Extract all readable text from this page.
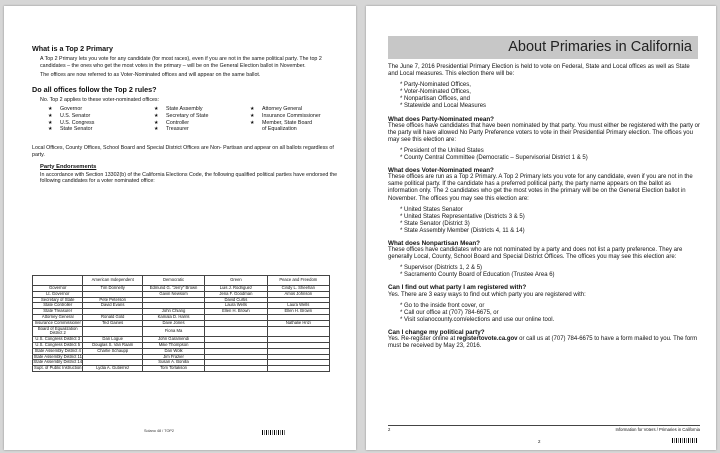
What is a Top 2 Primary
A Top 2 Primary lets you vote for any candidate (for most races), even if you are not in the same political party. The top 2 candidates – the ones who get the most votes in the primary – will be on the General Election ballot in November.
The offices are now referred to as Voter-Nominated offices and will appear on the same ballot.
Do all offices follow the Top 2 rules?
No. Top 2 applies to these voter-nominated offices:
★ Governor
★ U.S. Senator
★ U.S. Congress
★ State Senator
★ State Assembly
★ Secretary of State
★ Controller
★ Treasurer
★ Attorney General
★ Insurance Commissioner
★ Member, State Board
of Equalization
Local Offices, County Offices, School Board and Special District Offices are Non- Partisan and appear on all ballots regardless of party.
Party Endorsements
In accordance with Section 13302(b) of the California Elections Code, the following qualified political parties have endorsed the following candidates for a voter nominated office:
	American Independent	Democratic	Green	Peace and Freedom
Governor	Tim Donnelly	Edmund G. "Jerry" Brown	Luis J. Rodriguez	Cindy L. Sheehan
Lt. Governor		Gavin Newsom	Jena F. Goodman	Amos Johnson
Secretary of State	Pete Peterson		David Curtis	
State Controller	David Evans		Laura Wells	Laura Wells
State Treasurer		John Chiang	Ellen H. Brown	Ellen H. Brown
Attorney General	Ronald Gold	Kamala D. Harris		
Insurance Commissioner	Ted Gaines	Dave Jones		Nathalie Hrizi
Board of Equalization District 2		Fiona Ma		
U.S. Congress District 3	Dan Logue	John Garamendi		
U.S. Congress District 5	Douglas S. Van Raam	Mike Thompson		
State Assembly District 4	Charlie Schaupp	Dan Wolk		
State Assembly District 11		Jim Frazier		
State Assembly District 14		Susan A. Bonilla		
Supt. of Public Instruction	Lydia A. Gutiérrez	Tom Torlakson		
Solano 48 / TOP2
About Primaries in California
The June 7, 2016 Presidential Primary Election is held to vote on Federal, State and Local offices as well as State and Local measures. This election there will be:
* Party-Nominated Offices,
* Voter-Nominated Offices,
* Nonpartisan Offices, and
* Statewide and Local Measures
What does Party-Nominated mean?
These offices have candidates that have been nominated by that party. You must either be registered with the party or the party will have allowed No Party Preference voters to vote in their Presidential Primary election. The offices you may see this election are:
* President of the United States
* County Central Committee (Democratic – Supervisorial District 1 & 5)
What does Voter-Nominated mean?
These offices are run as a Top 2 Primary. A Top 2 Primary lets you vote for any candidate, even if you are not in the same political party. If the candidate has a preferred political party, the party name appears on the ballot as information only. The 2 candidates who get the most votes in the primary will be on the General Election ballot in November. The offices you may see this election are:
* United States Senator
* United States Representative (Districts 3 & 5)
* State Senator (District 3)
* State Assembly Member (Districts 4, 11 & 14)
What does Nonpartisan Mean?
These offices have candidates who are not nominated by a party and does not list a party preference. They are generally Local, County, School Board and Special District Offices. The offices you may see this election are:
* Supervisor (Districts 1, 2 & 5)
* Sacramento County Board of Education (Trustee Area 6)
Can I find out what party I am registered with?
Yes. There are 3 easy ways to find out which party you are registered with:
* Go to the inside front cover, or
* Call our office at (707) 784-6675, or
* Visit solanocounty.com/elections and use our online tool.
Can I change my political party?
Yes. Re-register online at registertovote.ca.gov or call us at (707) 784-6675 to have a form mailed to you. The form must be received by May 23, 2016.
2	Information for Voters / Primaries in California
2
